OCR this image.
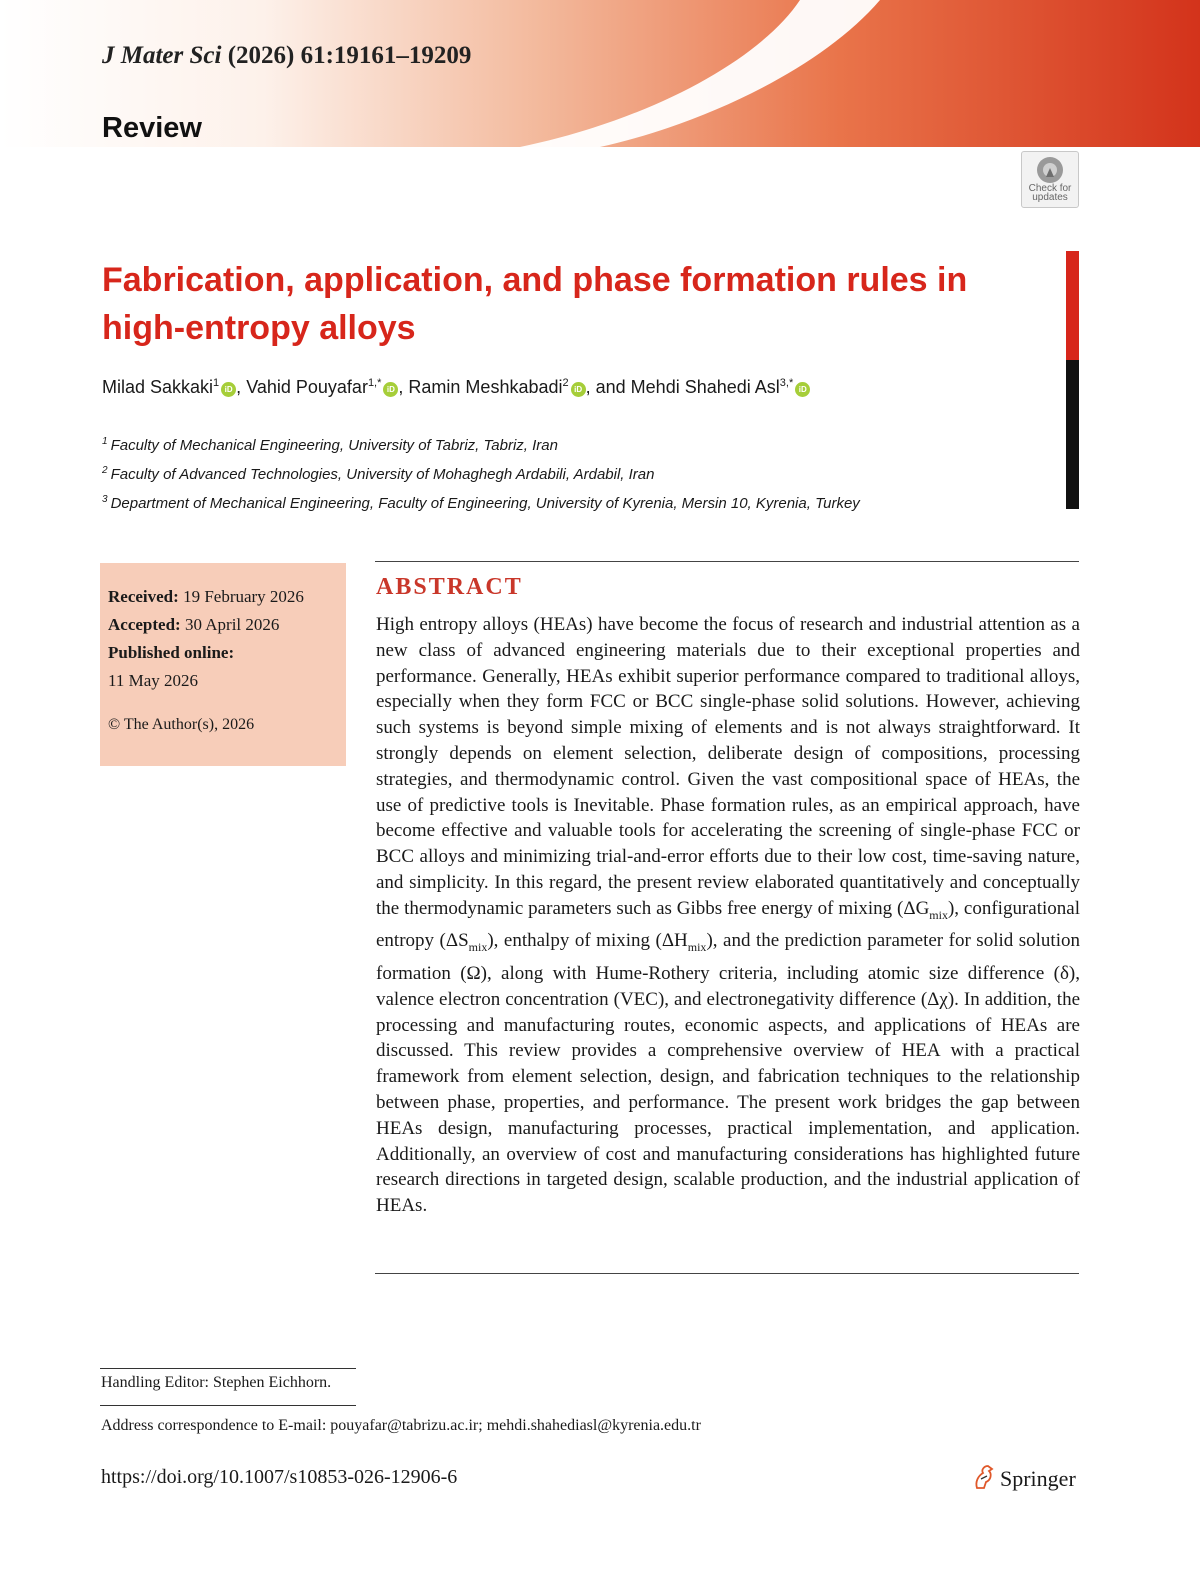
J Mater Sci (2026) 61:19161–19209
Review
Check for
updates
Fabrication, application, and phase formation rules in high-entropy alloys
Milad Sakkaki$^1$iD , Vahid Pouyafar$^{1,*}$iD , Ramin Meshkabadi$^2$iD , and Mehdi Shahedi Asl$^{3,*}$iD
$^1$ Faculty of Mechanical Engineering, University of Tabriz, Tabriz, Iran
$^2$ Faculty of Advanced Technologies, University of Mohaghegh Ardabili, Ardabil, Iran
$^3$ Department of Mechanical Engineering, Faculty of Engineering, University of Kyrenia, Mersin 10, Kyrenia, Turkey
Received: 19 February 2026
Accepted: 30 April 2026
Published online:
11 May 2026
© The Author(s), 2026
ABSTRACT

High entropy alloys (HEAs) have become the focus of research and industrial attention as a new class of advanced engineering materials due to their exceptional properties and performance. Generally, HEAs exhibit superior performance compared to traditional alloys, especially when they form FCC or BCC single-phase solid solutions. However, achieving such systems is beyond simple mixing of elements and is not always straightforward. It strongly depends on element selection, deliberate design of compositions, processing strategies, and thermodynamic control. Given the vast compositional space of HEAs, the use of predictive tools is Inevitable. Phase formation rules, as an empirical approach, have become effective and valuable tools for accelerating the screening of single-phase FCC or BCC alloys and minimizing trial-and-error efforts due to their low cost, time-saving nature, and simplicity. In this regard, the present review elaborated quantitatively and conceptually the thermodynamic parameters such as Gibbs free energy of mixing $(\Delta G_{mix})$, configurational entropy $(\Delta S_{mix})$, enthalpy of mixing $(\Delta H_{mix})$, and the prediction parameter for solid solution formation (Ω), along with Hume-Rothery criteria, including atomic size difference (δ), valence electron concentration (VEC), and electronegativity difference (Δχ). In addition, the processing and manufacturing routes, economic aspects, and applications of HEAs are discussed. This review provides a comprehensive overview of HEA with a practical framework from element selection, design, and fabrication techniques to the relationship between phase, properties, and performance. The present work bridges the gap between HEAs design, manufacturing processes, practical implementation, and application. Additionally, an overview of cost and manufacturing considerations has highlighted future research directions in targeted design, scalable production, and the industrial application of HEAs.

Handling Editor: Stephen Eichhorn.
Address correspondence to E-mail: pouyafar@tabrizu.ac.ir; mehdi.shahediasl@kyrenia.edu.tr
https://doi.org/10.1007/s10853-026-12906-6	Springer
